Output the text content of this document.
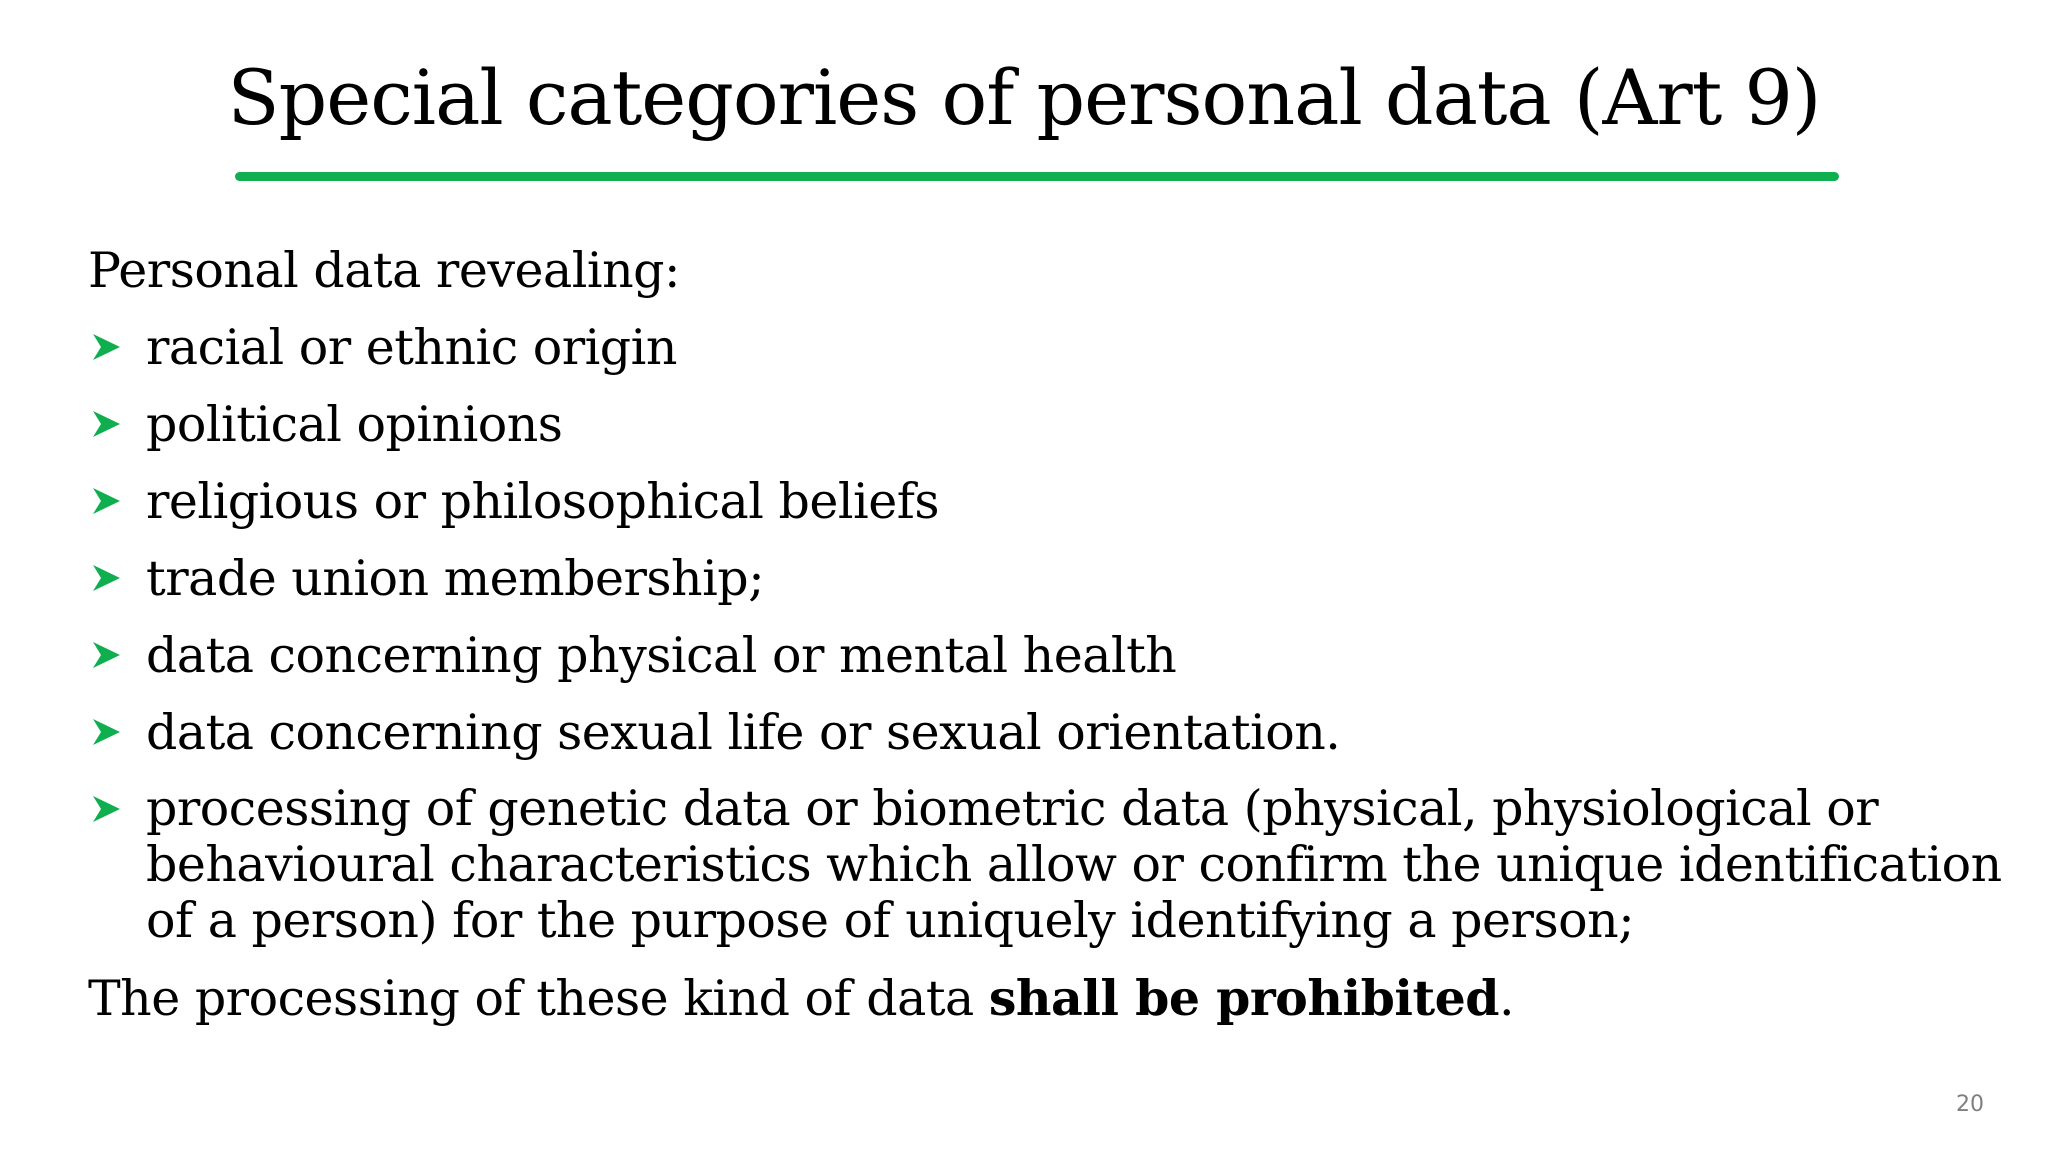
Special categories of personal data (Art 9)

Personal data revealing:

racial or ethnic origin
political opinions
religious or philosophical beliefs
trade union membership;
data concerning physical or mental health
data concerning sexual life or sexual orientation.
processing of genetic data or biometric data (physical, physiological or behavioural characteristics which allow or confirm the unique identification of a person) for the purpose of uniquely identifying a person;

The processing of these kind of data shall be prohibited.

20
